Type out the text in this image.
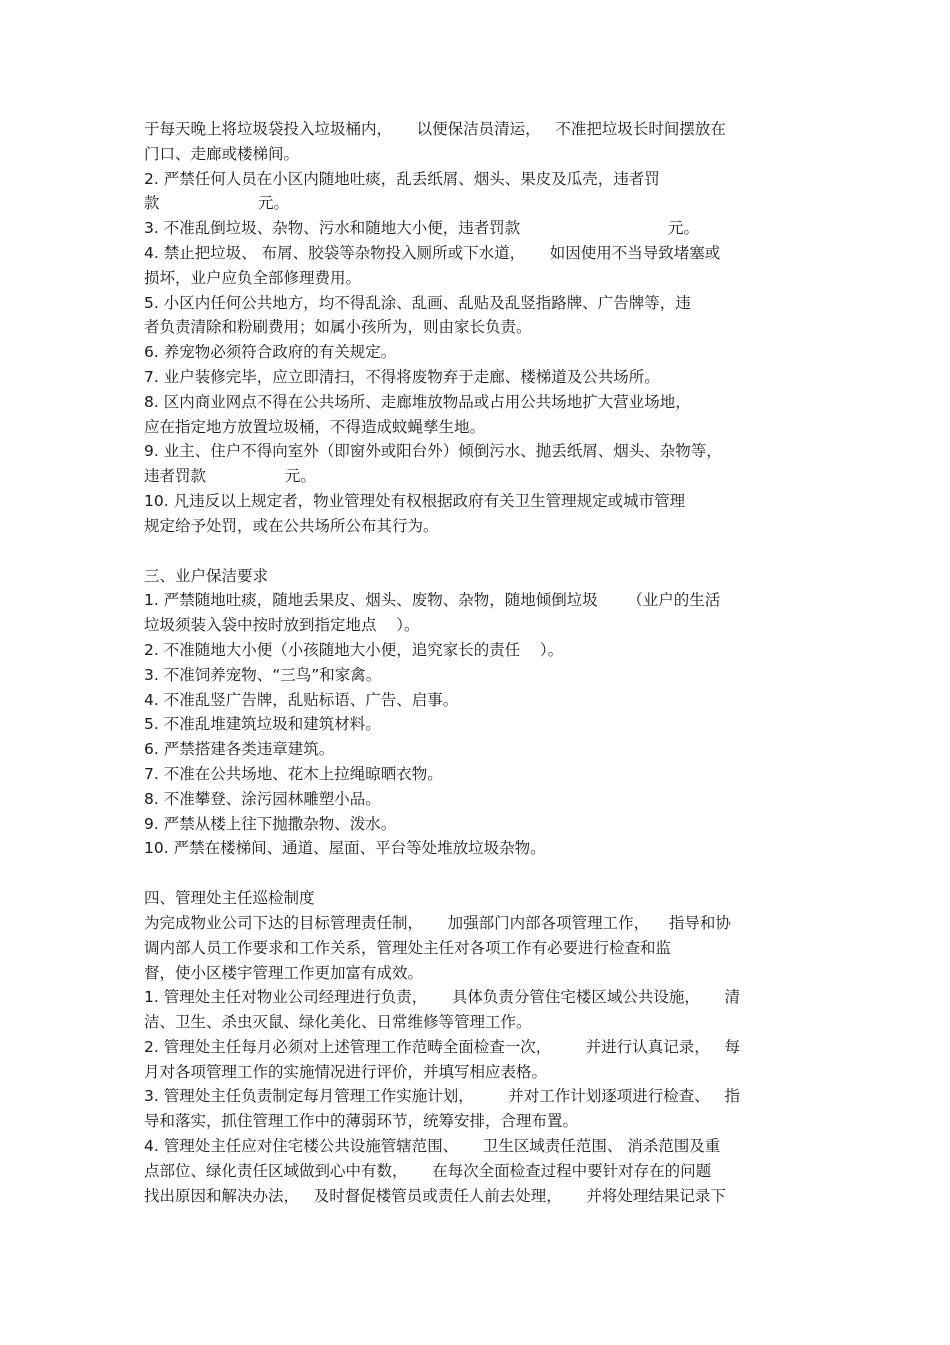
于每天晚上将垃圾袋投入垃圾桶内，     以便保洁员清运，   不准把垃圾长时间摆放在
门口、走廊或楼梯间。
2. 严禁任何人员在小区内随地吐痰，乱丢纸屑、烟头、果皮及瓜壳，违者罚
款                    元。
3. 不准乱倒垃圾、杂物、污水和随地大小便，违者罚款                              元。
4. 禁止把垃圾、 布屑、胶袋等杂物投入厕所或下水道，     如因使用不当导致堵塞或
损坏，业户应负全部修理费用。
5. 小区内任何公共地方，均不得乱涂、乱画、乱贴及乱竖指路牌、广告牌等，违
者负责清除和粉刷费用；如属小孩所为，则由家长负责。
6. 养宠物必须符合政府的有关规定。
7. 业户装修完毕，应立即清扫，不得将废物弃于走廊、楼梯道及公共场所。
8. 区内商业网点不得在公共场所、走廊堆放物品或占用公共场地扩大营业场地，
应在指定地方放置垃圾桶，不得造成蚊蝇孳生地。
9. 业主、住户不得向室外（即窗外或阳台外）倾倒污水、抛丢纸屑、烟头、杂物等，
违者罚款                元。
10. 凡违反以上规定者，物业管理处有权根据政府有关卫生管理规定或城市管理
规定给予处罚，或在公共场所公布其行为。
三、业户保洁要求
1. 严禁随地吐痰，随地丢果皮、烟头、废物、杂物，随地倾倒垃圾      （业户的生活
垃圾须装入袋中按时放到指定地点    ）。
2. 不准随地大小便（小孩随地大小便，追究家长的责任    ）。
3. 不准饲养宠物、“三鸟”和家禽。
4. 不准乱竖广告牌，乱贴标语、广告、启事。
5. 不准乱堆建筑垃圾和建筑材料。
6. 严禁搭建各类违章建筑。
7. 不准在公共场地、花木上拉绳晾晒衣物。
8. 不准攀登、涂污园林雕塑小品。
9. 严禁从楼上往下抛撒杂物、泼水。
10. 严禁在楼梯间、通道、屋面、平台等处堆放垃圾杂物。
四、管理处主任巡检制度
为完成物业公司下达的目标管理责任制，     加强部门内部各项管理工作，    指导和协
调内部人员工作要求和工作关系，管理处主任对各项工作有必要进行检查和监
督，使小区楼宇管理工作更加富有成效。
1. 管理处主任对物业公司经理进行负责，     具体负责分管住宅楼区域公共设施，     清
洁、卫生、杀虫灭鼠、绿化美化、日常维修等管理工作。
2. 管理处主任每月必须对上述管理工作范畴全面检查一次，       并进行认真记录，   每
月对各项管理工作的实施情况进行评价，并填写相应表格。
3. 管理处主任负责制定每月管理工作实施计划，       并对工作计划逐项进行检查、   指
导和落实，抓住管理工作中的薄弱环节，统筹安排，合理布置。
4. 管理处主任应对住宅楼公共设施管辖范围、     卫生区域责任范围、 消杀范围及重
点部位、绿化责任区域做到心中有数，     在每次全面检查过程中要针对存在的问题
找出原因和解决办法，   及时督促楼管员或责任人前去处理，     并将处理结果记录下
